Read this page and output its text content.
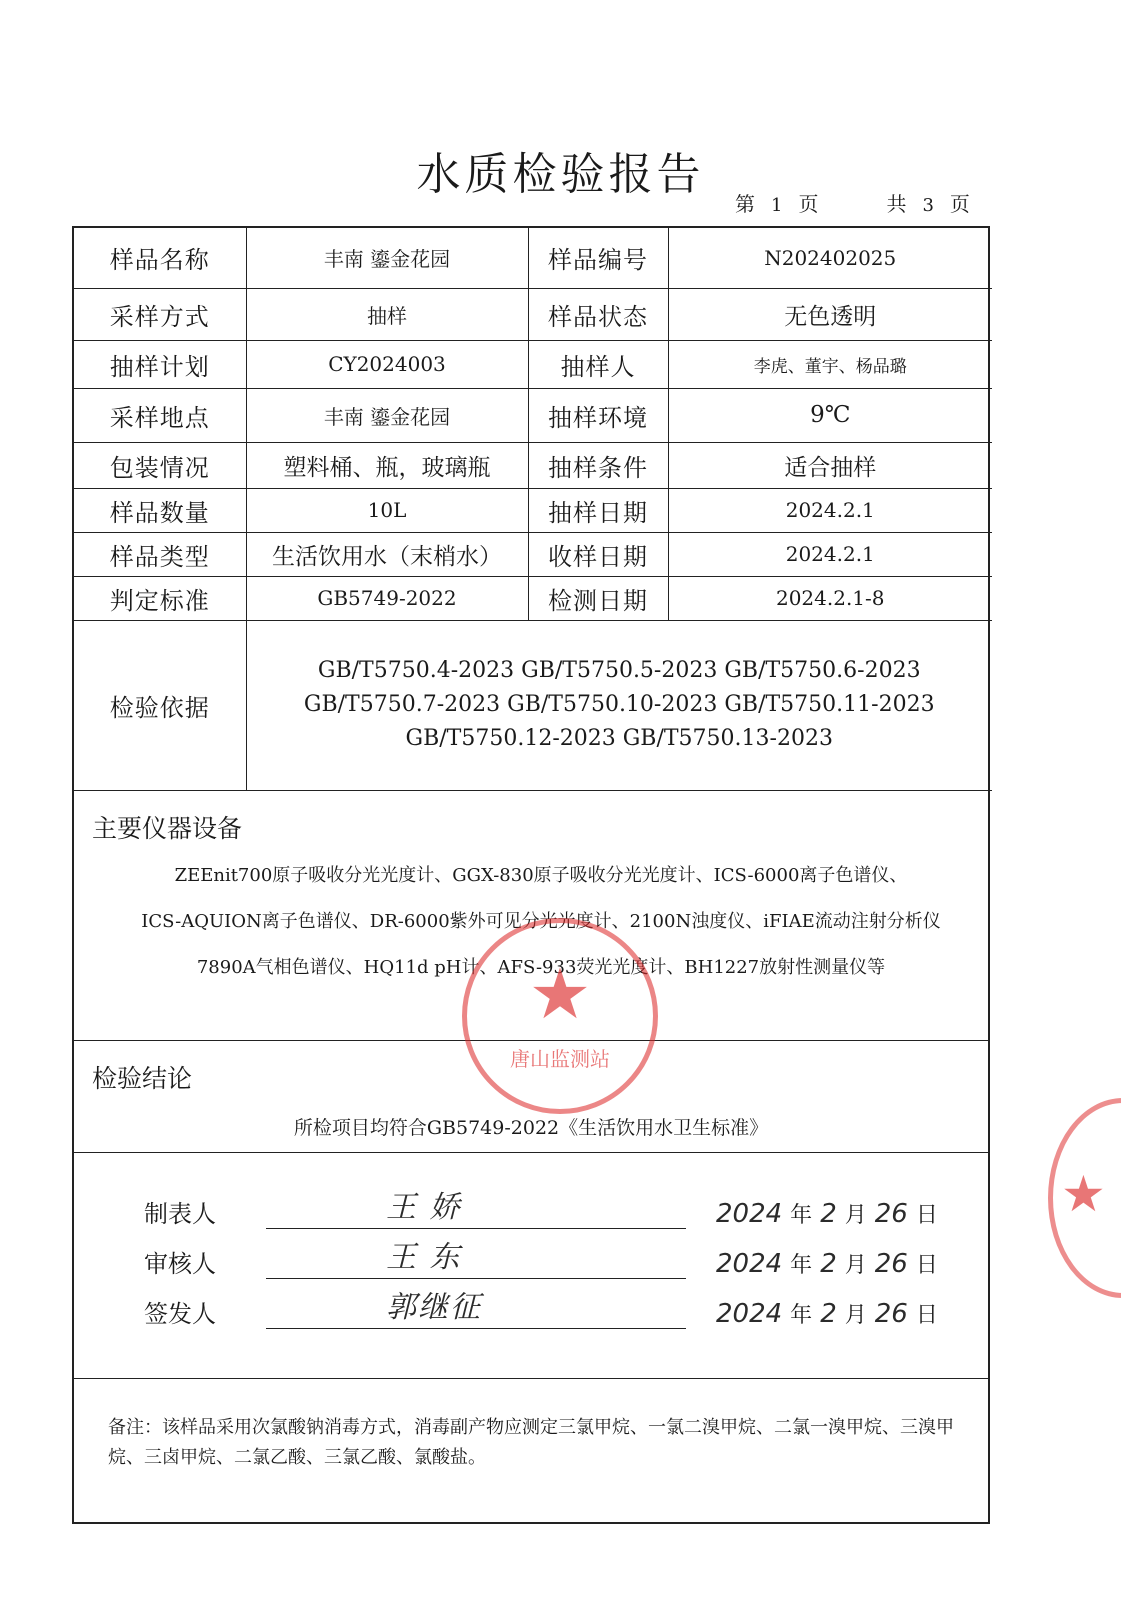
水质检验报告
第 1 页	共 3 页
样品名称	丰南 鎏金花园	样品编号	N202402025
采样方式	抽样	样品状态	无色透明
抽样计划	CY2024003	抽样人	李虎、董宇、杨品璐
采样地点	丰南 鎏金花园	抽样环境	9℃
包装情况	塑料桶、瓶，玻璃瓶	抽样条件	适合抽样
样品数量	10L	抽样日期	2024.2.1
样品类型	生活饮用水（末梢水）	收样日期	2024.2.1
判定标准	GB5749-2022	检测日期	2024.2.1-8
检验依据	GB/T5750.4-2023 GB/T5750.5-2023 GB/T5750.6-2023
GB/T5750.7-2023 GB/T5750.10-2023 GB/T5750.11-2023
GB/T5750.12-2023 GB/T5750.13-2023		
主要仪器设备
ZEEnit700原子吸收分光光度计、GGX-830原子吸收分光光度计、ICS-6000离子色谱仪、
ICS-AQUION离子色谱仪、DR-6000紫外可见分光光度计、2100N浊度仪、iFIAE流动注射分析仪
7890A气相色谱仪、HQ11d pH计、AFS-933荧光光度计、BH1227放射性测量仪等
检验结论
所检项目均符合GB5749-2022《生活饮用水卫生标准》
制表人	王 娇	2024 年 2 月 26 日
审核人	王 东	2024 年 2 月 26 日
签发人	郭继征	2024 年 2 月 26 日
备注：该样品采用次氯酸钠消毒方式，消毒副产物应测定三氯甲烷、一氯二溴甲烷、二氯一溴甲烷、三溴甲烷、三卤甲烷、二氯乙酸、三氯乙酸、氯酸盐。
★
唐山监测站
★
